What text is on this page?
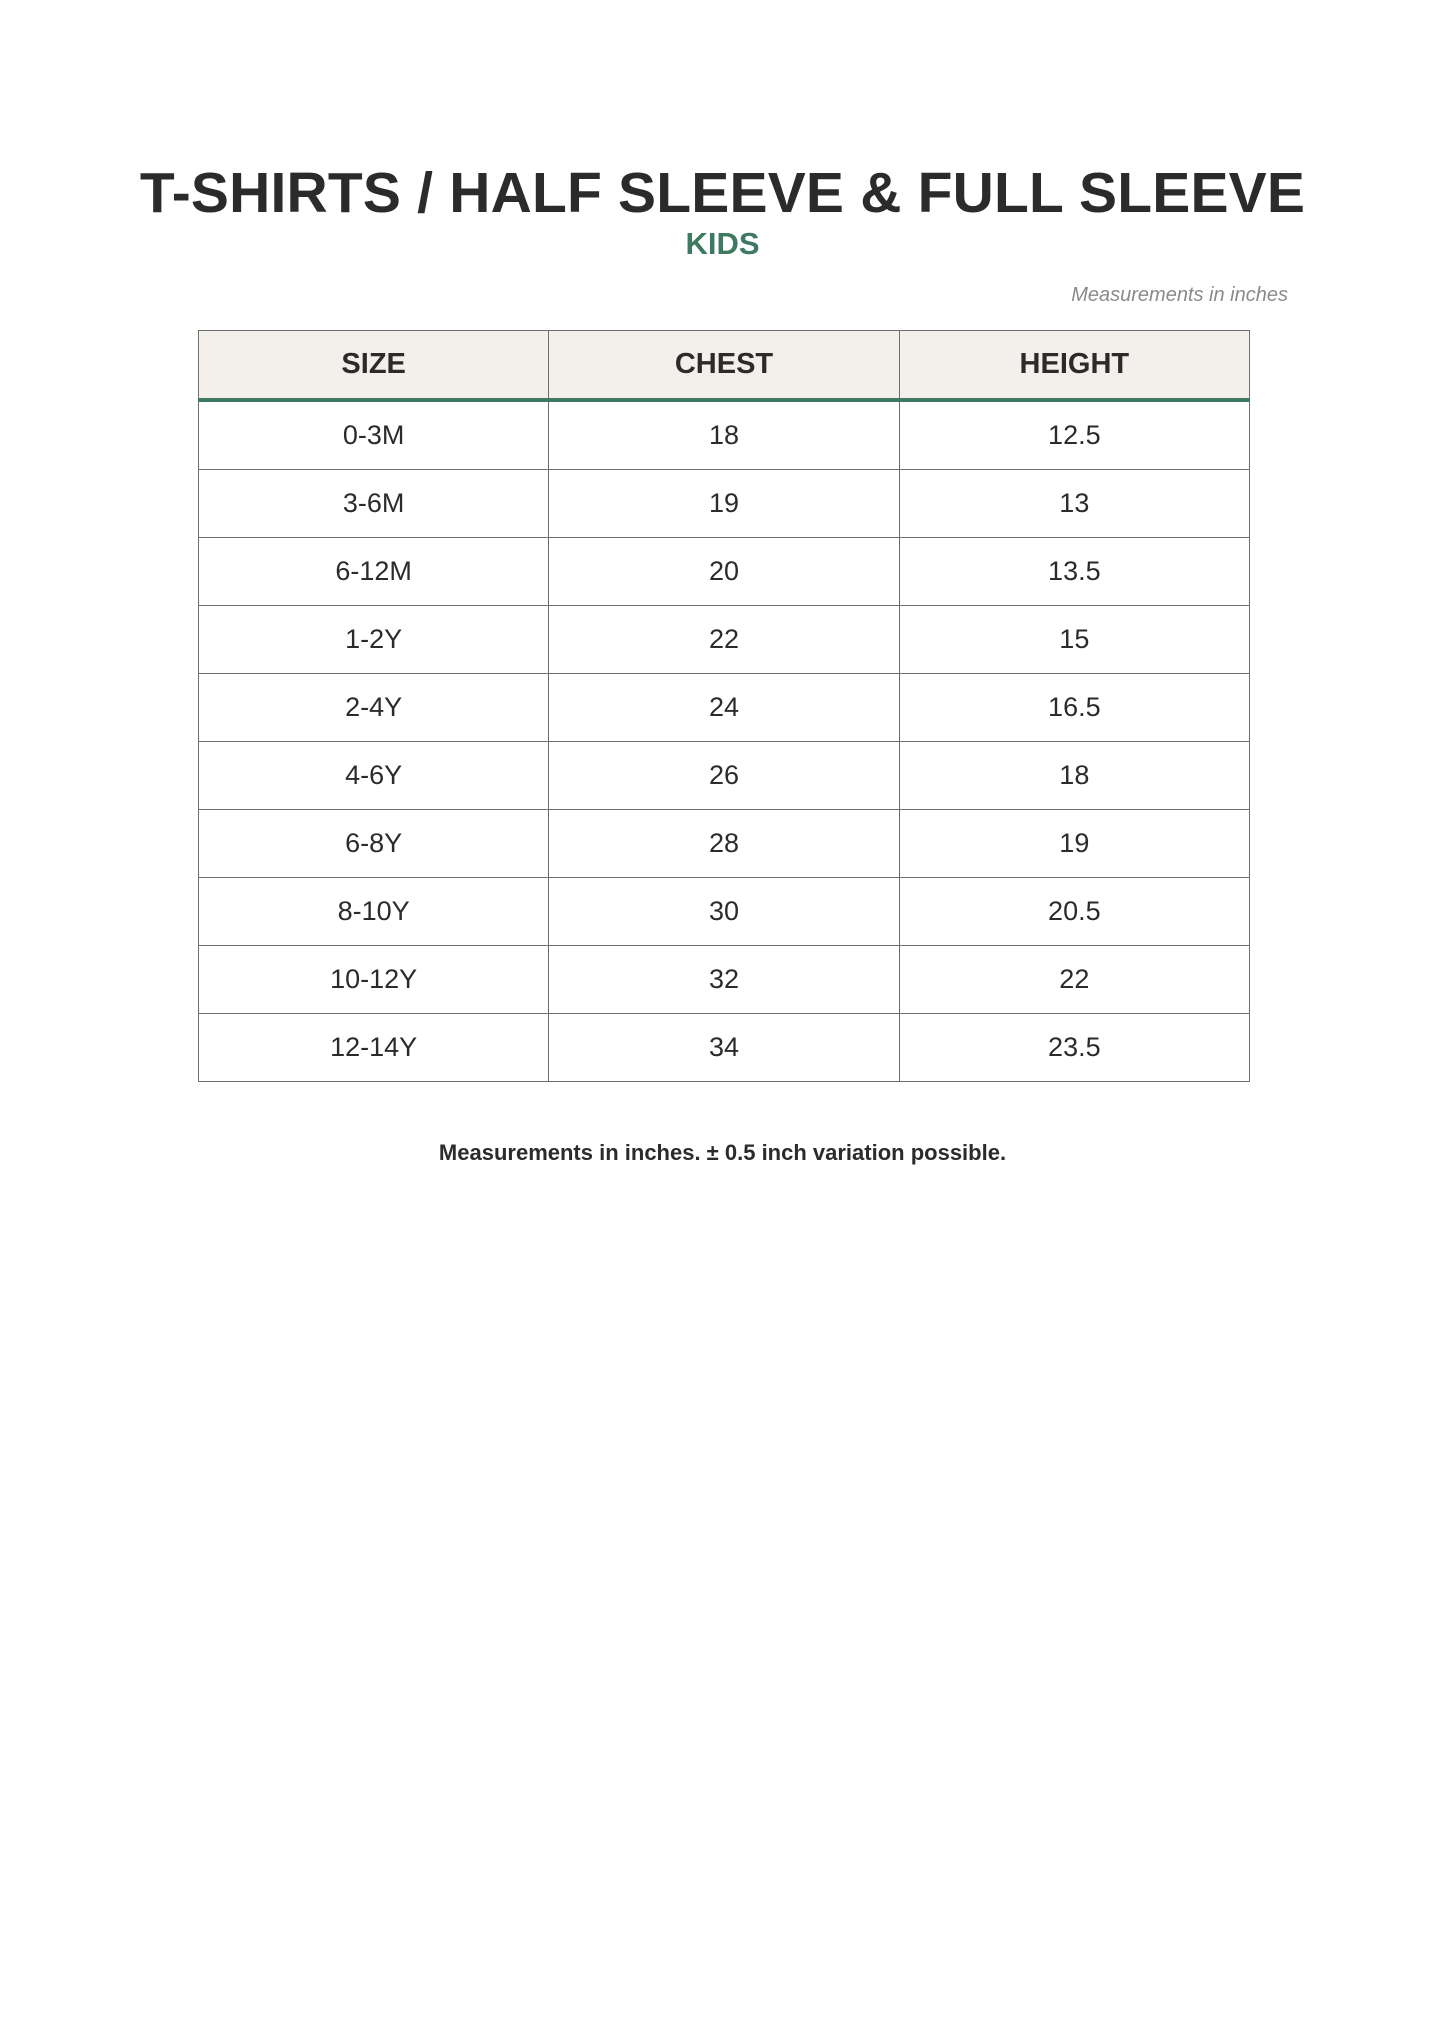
T-SHIRTS / HALF SLEEVE & FULL SLEEVE
KIDS
Measurements in inches
SIZE	CHEST	HEIGHT
0-3M	18	12.5
3-6M	19	13
6-12M	20	13.5
1-2Y	22	15
2-4Y	24	16.5
4-6Y	26	18
6-8Y	28	19
8-10Y	30	20.5
10-12Y	32	22
12-14Y	34	23.5
Measurements in inches. ± 0.5 inch variation possible.
